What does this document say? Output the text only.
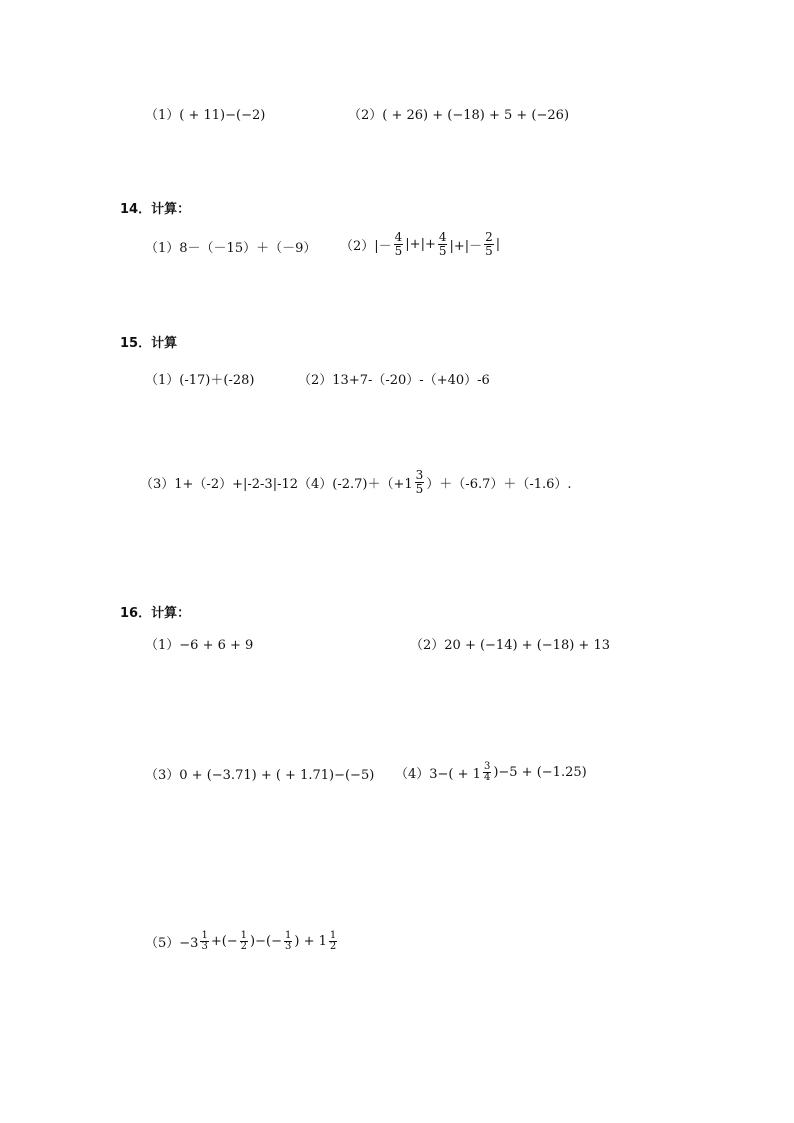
（1）( + 11)−(−2)	（2）( + 26) + (−18) + 5 + (−26)
14．计算：
（1）8－（－15）＋（－9） $(2)|- \frac{4}{5}$ |+|+ $\frac{4}{5}$ |+|－ $\frac{2}{5}$ |
15．计算
（1）(-17)＋(-28)	（2）13+7-（-20）-（+40）-6
（3）1+（-2）+|-2-3|-12 $(4)(-2.7)+(+1 \frac{3}{5} )+(-6.7)+(-1.6)$.
16．计算：
（1）−6 + 6 + 9	（2）20 + (−14) + (−18) + 13
（3）0 + (−3.71) + ( + 1.71)−(−5) $(4)3-( + 1 \frac{3}{4} )-5 + (-1.25)$
$(5)-3 \frac{1}{3}$ +(− $\frac{1}{2}$ )−(− $\frac{1}{3}$ ) + $1 \frac{1}{2}$
